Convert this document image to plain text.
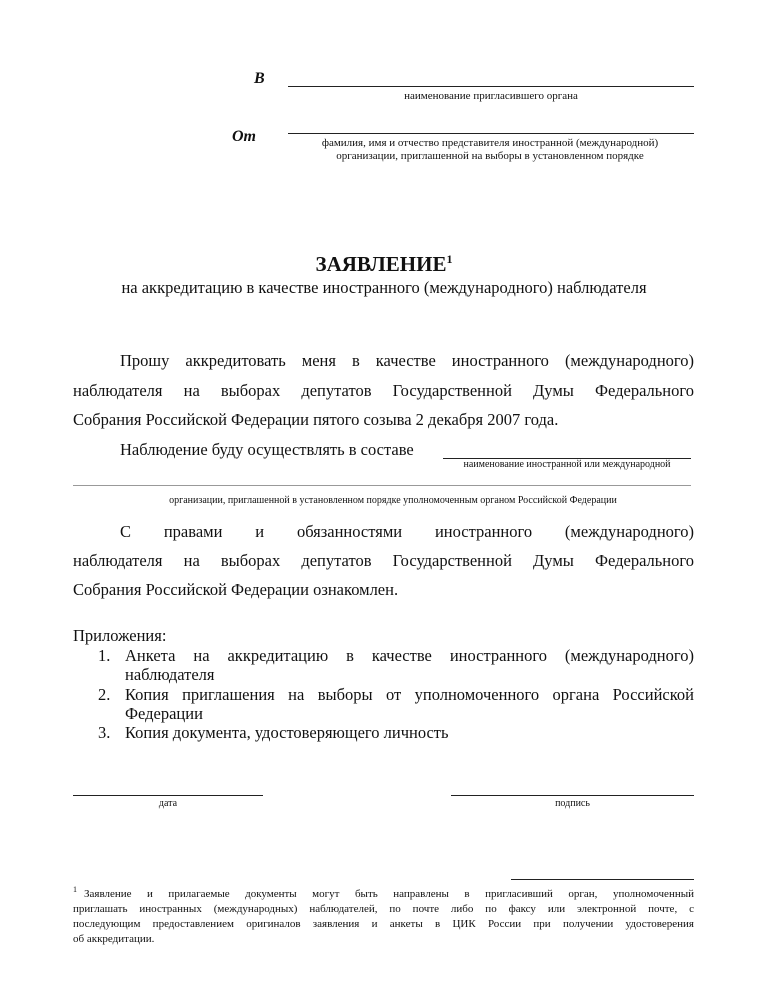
В
наименование пригласившего органа
От	фамилия, имя и отчество представителя иностранной (международной)
организации, приглашенной на выборы в установленном порядке
ЗАЯВЛЕНИЕ$^1$
на аккредитацию в качестве иностранного (международного) наблюдателя
Прошу аккредитовать меня в качестве иностранного (международного)
наблюдателя на выборах депутатов Государственной Думы Федерального
Собрания Российской Федерации пятого созыва 2 декабря 2007 года.
Наблюдение буду осуществлять в составе
наименование иностранной или международной
организации, приглашенной в установленном порядке уполномоченным органом Российской Федерации
С правами и обязанностями иностранного (международного)
наблюдателя на выборах депутатов Государственной Думы Федерального
Собрания Российской Федерации ознакомлен.
Приложения:
1. Анкета на аккредитацию в качестве иностранного (международного)
наблюдателя
2. Копия приглашения на выборы от уполномоченного органа Российской
Федерации
3. Копия документа, удостоверяющего личность
дата	подпись
1 Заявление и прилагаемые документы могут быть направлены в пригласивший орган, уполномоченный
приглашать иностранных (международных) наблюдателей, по почте либо по факсу или электронной почте, с
последующим предоставлением оригиналов заявления и анкеты в ЦИК России при получении удостоверения
об аккредитации.
